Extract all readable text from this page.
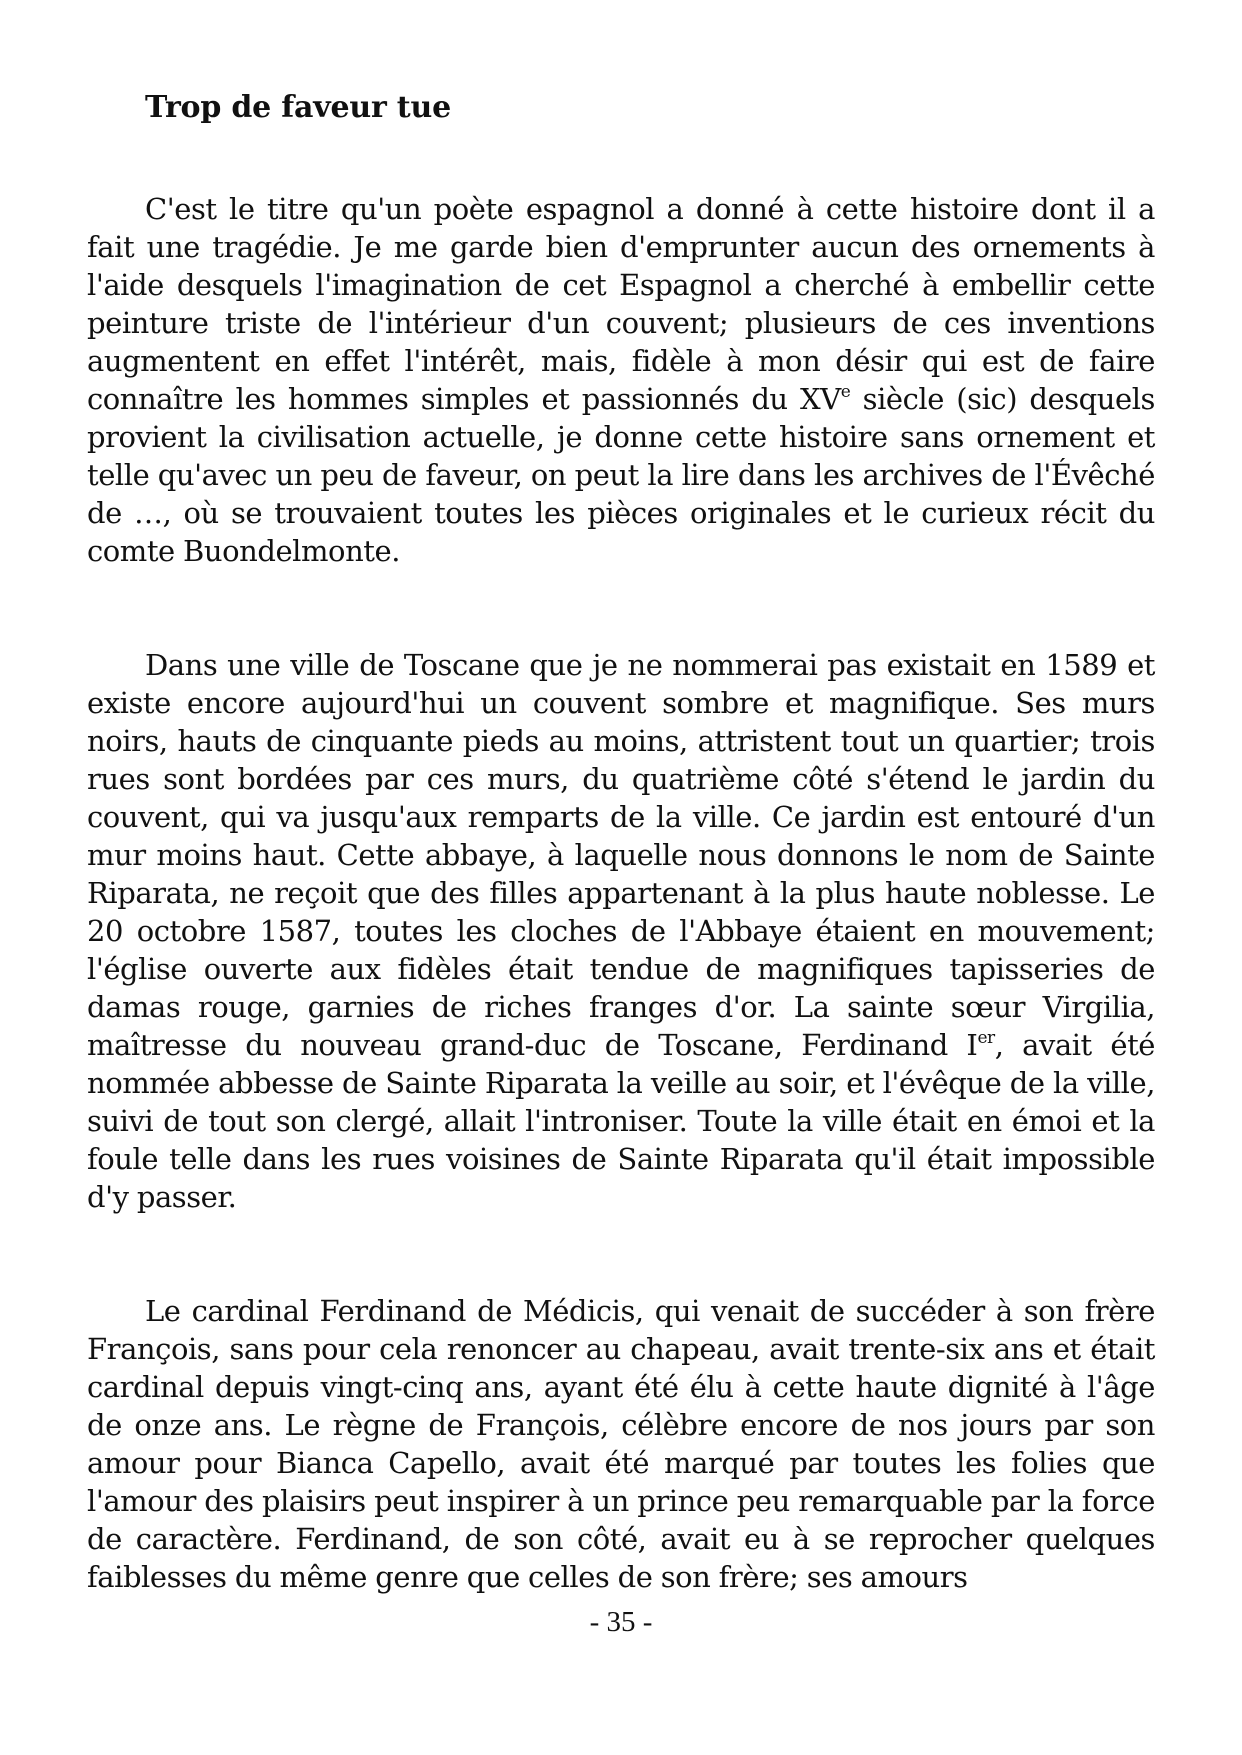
Trop de faveur tue

C'est le titre qu'un poète espagnol a donné à cette histoire dont il a fait une tragédie. Je me garde bien d'emprunter aucun des ornements à l'aide desquels l'imagination de cet Espagnol a cherché à embellir cette peinture triste de l'intérieur d'un couvent; plusieurs de ces inventions augmentent en effet l'intérêt, mais, fidèle à mon désir qui est de faire connaître les hommes simples et passionnés du XVe siècle (sic) desquels provient la civilisation actuelle, je donne cette histoire sans ornement et telle qu'avec un peu de faveur, on peut la lire dans les archives de l'Évêché de …, où se trouvaient toutes les pièces originales et le curieux récit du comte Buondelmonte.

Dans une ville de Toscane que je ne nommerai pas existait en 1589 et existe encore aujourd'hui un couvent sombre et magnifique. Ses murs noirs, hauts de cinquante pieds au moins, attristent tout un quartier; trois rues sont bordées par ces murs, du quatrième côté s'étend le jardin du couvent, qui va jusqu'aux remparts de la ville. Ce jardin est entouré d'un mur moins haut. Cette abbaye, à laquelle nous donnons le nom de Sainte Riparata, ne reçoit que des filles appartenant à la plus haute noblesse. Le 20 octobre 1587, toutes les cloches de l'Abbaye étaient en mouvement; l'église ouverte aux fidèles était tendue de magnifiques tapisseries de damas rouge, garnies de riches franges d'or. La sainte sœur Virgilia, maîtresse du nouveau grand-duc de Toscane, Ferdinand Ier, avait été nommée abbesse de Sainte Riparata la veille au soir, et l'évêque de la ville, suivi de tout son clergé, allait l'introniser. Toute la ville était en émoi et la foule telle dans les rues voisines de Sainte Riparata qu'il était impossible d'y passer.

Le cardinal Ferdinand de Médicis, qui venait de succéder à son frère François, sans pour cela renoncer au chapeau, avait trente-six ans et était cardinal depuis vingt-cinq ans, ayant été élu à cette haute dignité à l'âge de onze ans. Le règne de François, célèbre encore de nos jours par son amour pour Bianca Capello, avait été marqué par toutes les folies que l'amour des plaisirs peut inspirer à un prince peu remarquable par la force de caractère. Ferdinand, de son côté, avait eu à se reprocher quelques faiblesses du même genre que celles de son frère; ses amours

- 35 -
